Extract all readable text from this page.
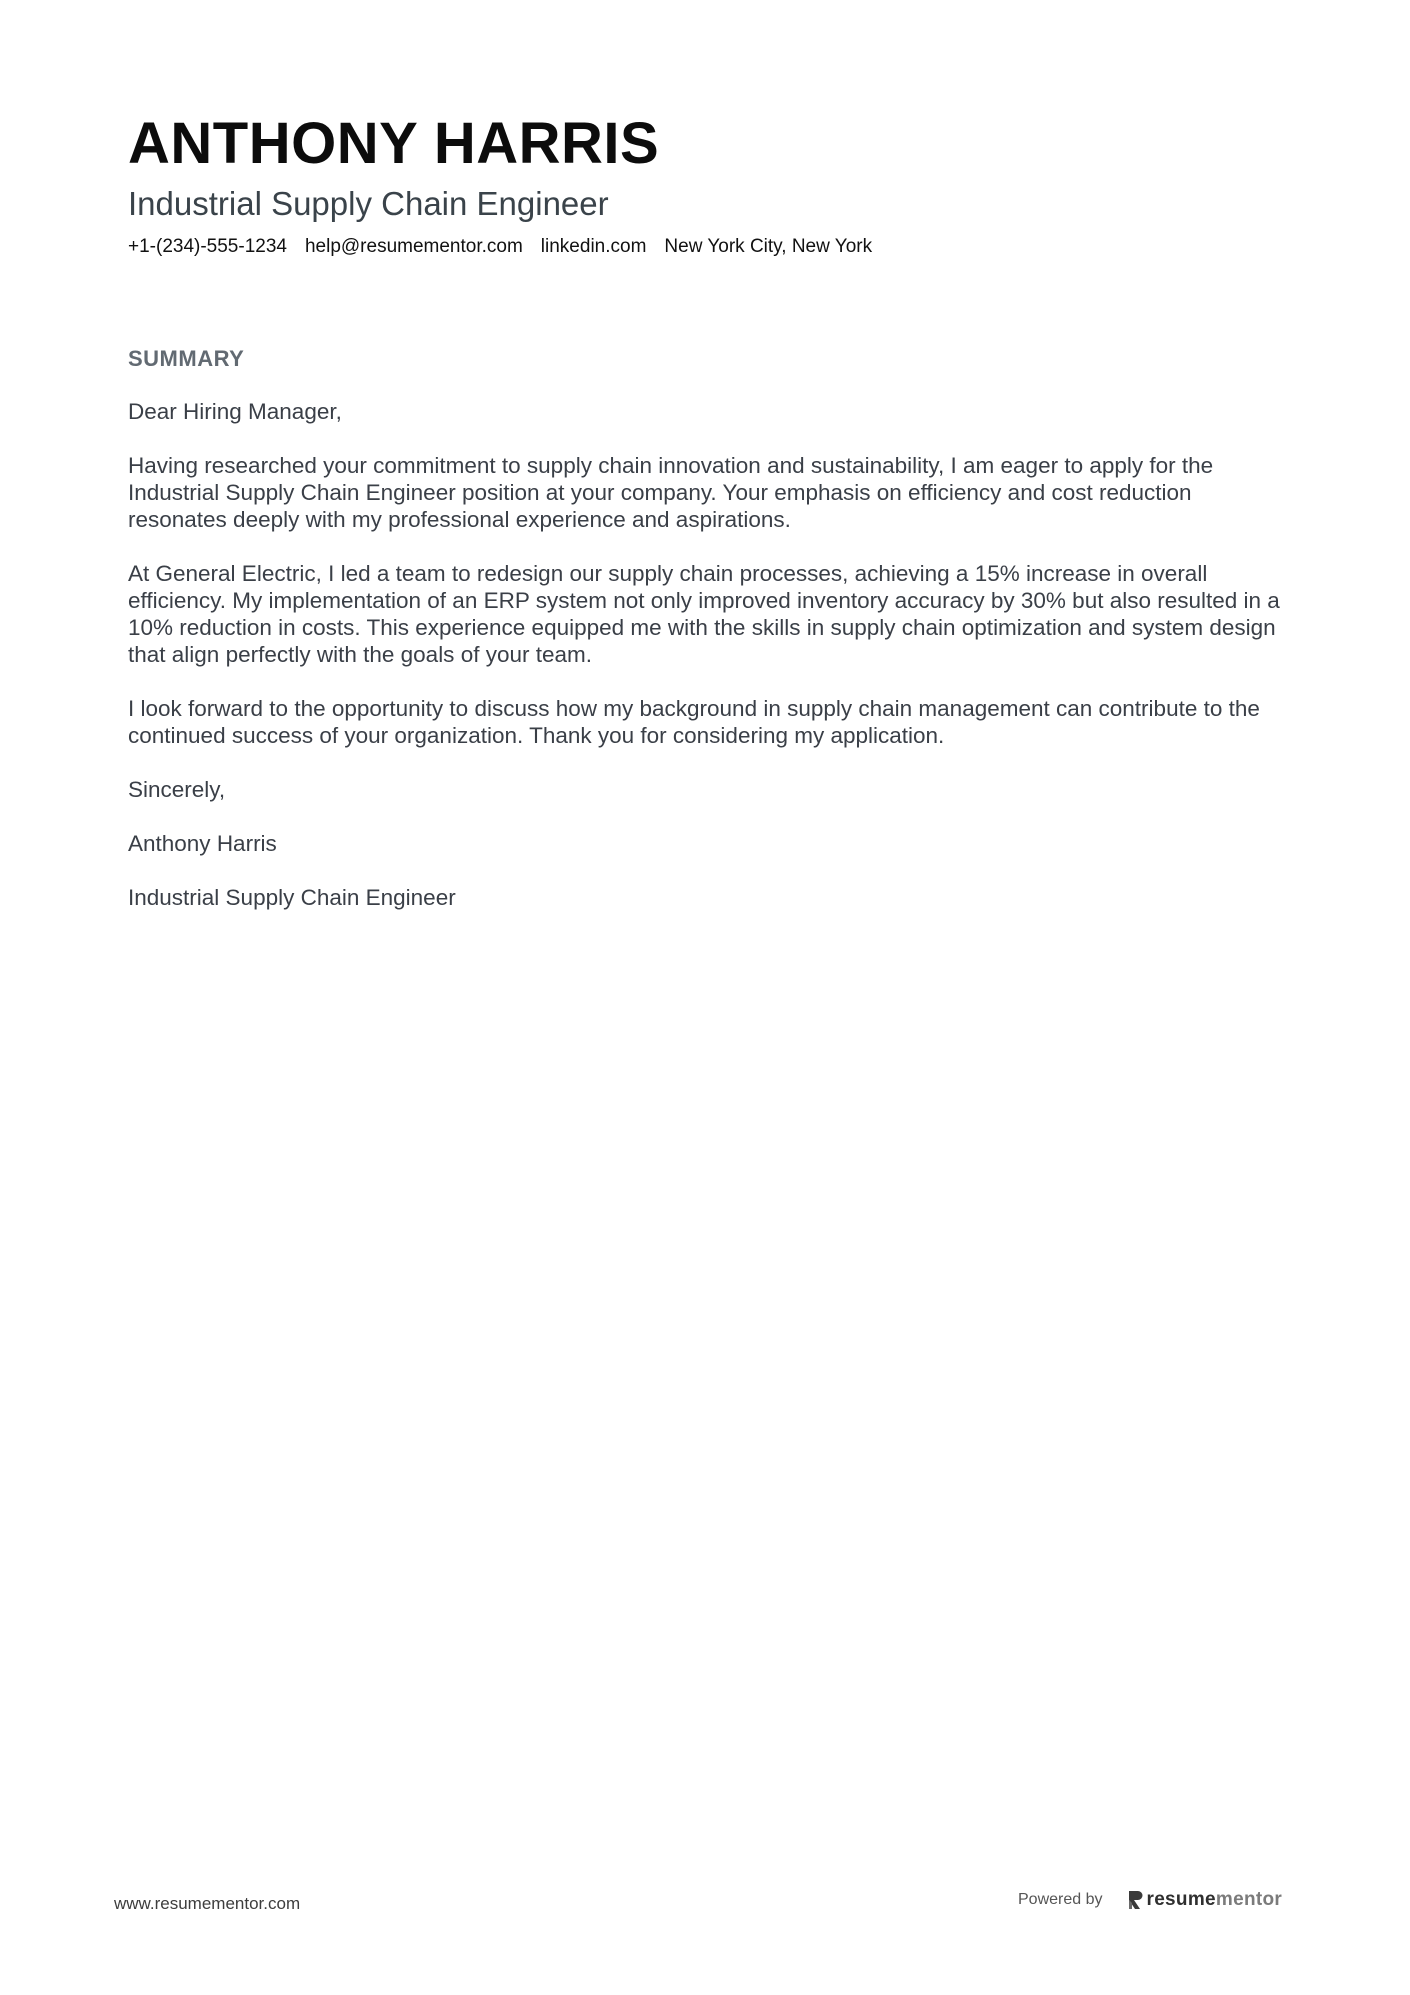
ANTHONY HARRIS
Industrial Supply Chain Engineer
+1-(234)-555-1234 help@resumementor.com linkedin.com New York City, New York
SUMMARY

Dear Hiring Manager,

Having researched your commitment to supply chain innovation and sustainability, I am eager to apply for the Industrial Supply Chain Engineer position at your company. Your emphasis on efficiency and cost reduction resonates deeply with my professional experience and aspirations.

At General Electric, I led a team to redesign our supply chain processes, achieving a 15% increase in overall efficiency. My implementation of an ERP system not only improved inventory accuracy by 30% but also resulted in a 10% reduction in costs. This experience equipped me with the skills in supply chain optimization and system design that align perfectly with the goals of your team.

I look forward to the opportunity to discuss how my background in supply chain management can contribute to the continued success of your organization. Thank you for considering my application.

Sincerely,

Anthony Harris

Industrial Supply Chain Engineer

www.resumementor.com	Powered by resumementor
